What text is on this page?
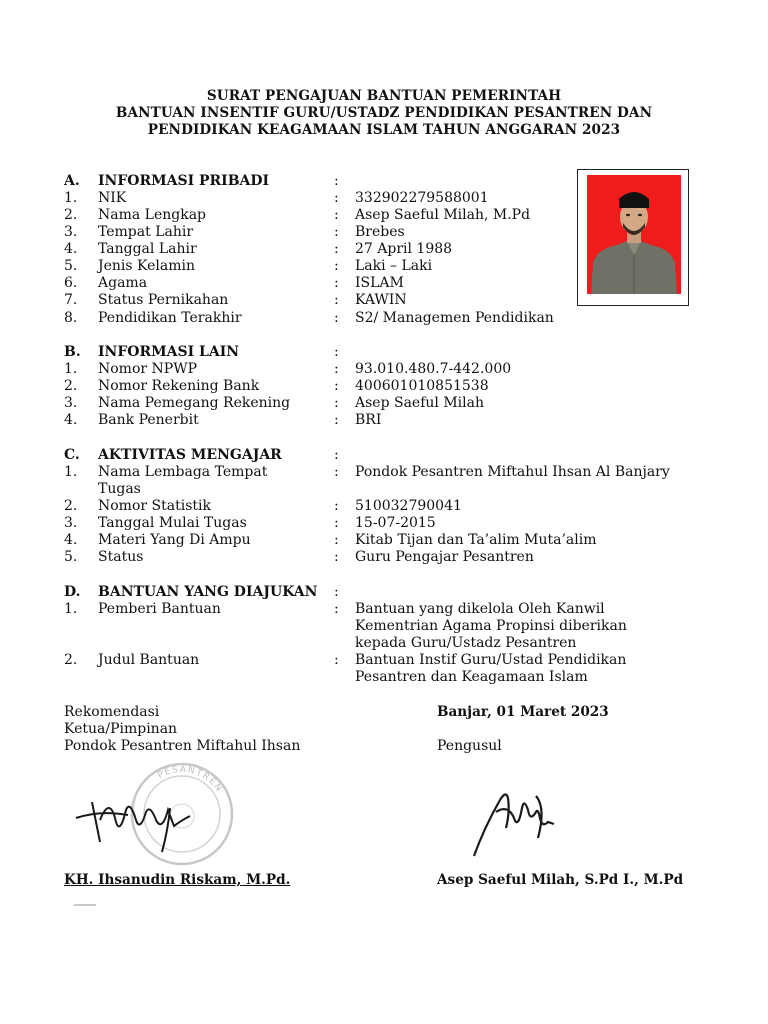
SURAT PENGAJUAN BANTUAN PEMERINTAH
BANTUAN INSENTIF GURU/USTADZ PENDIDIKAN PESANTREN DAN
PENDIDIKAN KEAGAMAAN ISLAM TAHUN ANGGARAN 2023
A. INFORMASI PRIBADI	:
1. NIK	: 332902279588001
2. Nama Lengkap	: Asep Saeful Milah, M.Pd
3. Tempat Lahir	: Brebes
4. Tanggal Lahir	: 27 April 1988
5. Jenis Kelamin	: Laki – Laki
6. Agama	: ISLAM
7. Status Pernikahan	: KAWIN
8. Pendidikan Terakhir	: S2/ Managemen Pendidikan
B. INFORMASI LAIN	:
1. Nomor NPWP	: 93.010.480.7-442.000
2. Nomor Rekening Bank	: 400601010851538
3. Nama Pemegang Rekening	: Asep Saeful Milah
4. Bank Penerbit	: BRI
C. AKTIVITAS MENGAJAR	:
1. Nama Lembaga Tempat	: Pondok Pesantren Miftahul Ihsan Al Banjary
Tugas
2. Nomor Statistik	: 510032790041
3. Tanggal Mulai Tugas	: 15-07-2015
4. Materi Yang Di Ampu	: Kitab Tijan dan Ta’alim Muta’alim
5. Status	: Guru Pengajar Pesantren
D. BANTUAN YANG DIAJUKAN	:
1. Pemberi Bantuan	: Bantuan yang dikelola Oleh Kanwil
Kementrian Agama Propinsi diberikan
kepada Guru/Ustadz Pesantren
2. Judul Bantuan	: Bantuan Instif Guru/Ustad Pendidikan
Pesantren dan Keagamaan Islam
Rekomendasi
Ketua/Pimpinan
Pondok Pesantren Miftahul Ihsan
Banjar, 01 Maret 2023
Pengusul
PESANTREN
KH. Ihsanudin Riskam, M.Pd.	Asep Saeful Milah, S.Pd I., M.Pd
